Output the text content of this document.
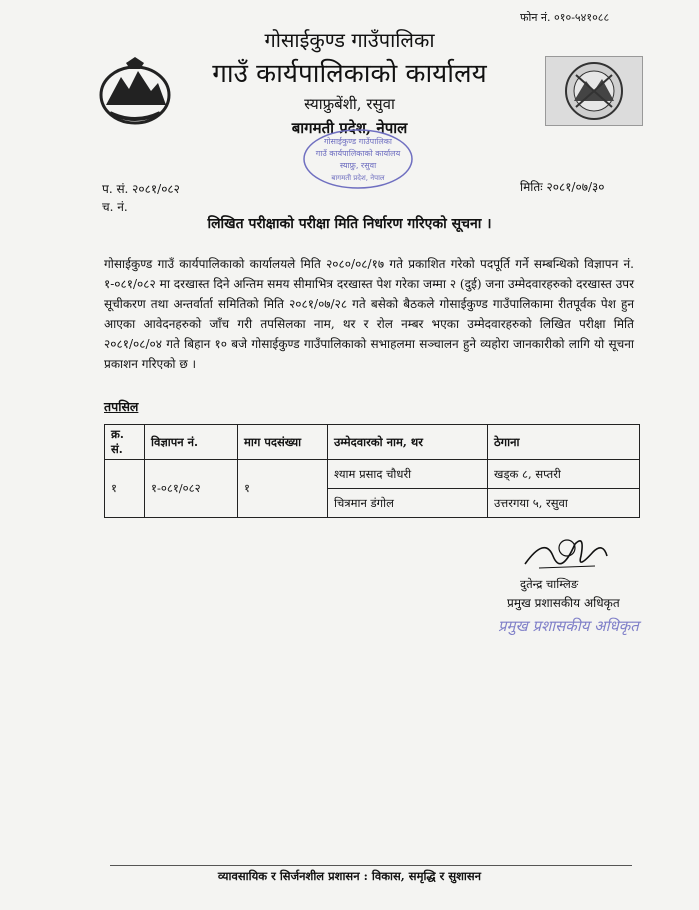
फोन नं. ०१०-५४१०८८
गोसाईकुण्ड गाउँपालिका
गाउँ कार्यपालिकाको कार्यालय
स्याफ्रुबेंशी, रसुवा
बागमती प्रदेश, नेपाल
गोसाईकुण्ड गाउँपालिका
गाउँ कार्यपालिकाको कार्यालय
स्याफ्रु, रसुवा
बागमती प्रदेश, नेपाल
प. सं. २०८१/०८२
च. नं.
मितिः २०८१/०७/३०
लिखित परीक्षाको परीक्षा मिति निर्धारण गरिएको सूचना ।
गोसाईकुण्ड गाउँ कार्यपालिकाको कार्यालयले मिति २०८०/०८/१७ गते प्रकाशित गरेको पदपूर्ति गर्ने सम्बन्धिको विज्ञापन नं. १-०८१/०८२ मा दरखास्त दिने अन्तिम समय सीमाभित्र दरखास्त पेश गरेका जम्मा २ (दुई) जना उम्मेदवारहरुको दरखास्त उपर सूचीकरण तथा अन्तर्वार्ता समितिको मिति २०८१/०७/२८ गते बसेको बैठकले गोसाईकुण्ड गाउँपालिकामा रीतपूर्वक पेश हुन आएका आवेदनहरुको जाँच गरी तपसिलका नाम, थर र रोल नम्बर भएका उम्मेदवारहरुको लिखित परीक्षा मिति २०८१/०८/०४ गते बिहान १० बजे गोसाईकुण्ड गाउँपालिकाको सभाहलमा सञ्चालन हुने व्यहोरा जानकारीको लागि यो सूचना प्रकाशन गरिएको छ ।
तपसिल
क्र. सं.	विज्ञापन नं.	माग पदसंख्या	उम्मेदवारको नाम, थर	ठेगाना
१	१-०८१/०८२	१	श्याम प्रसाद चौधरी	खड्क ८, सप्तरी
			चित्रमान डंगोल	उत्तरगया ५, रसुवा
दुतेन्द्र चाम्लिङ
प्रमुख प्रशासकीय अधिकृत
प्रमुख प्रशासकीय अधिकृत
व्यावसायिक र सिर्जनशील प्रशासन : विकास, समृद्धि र सुशासन
